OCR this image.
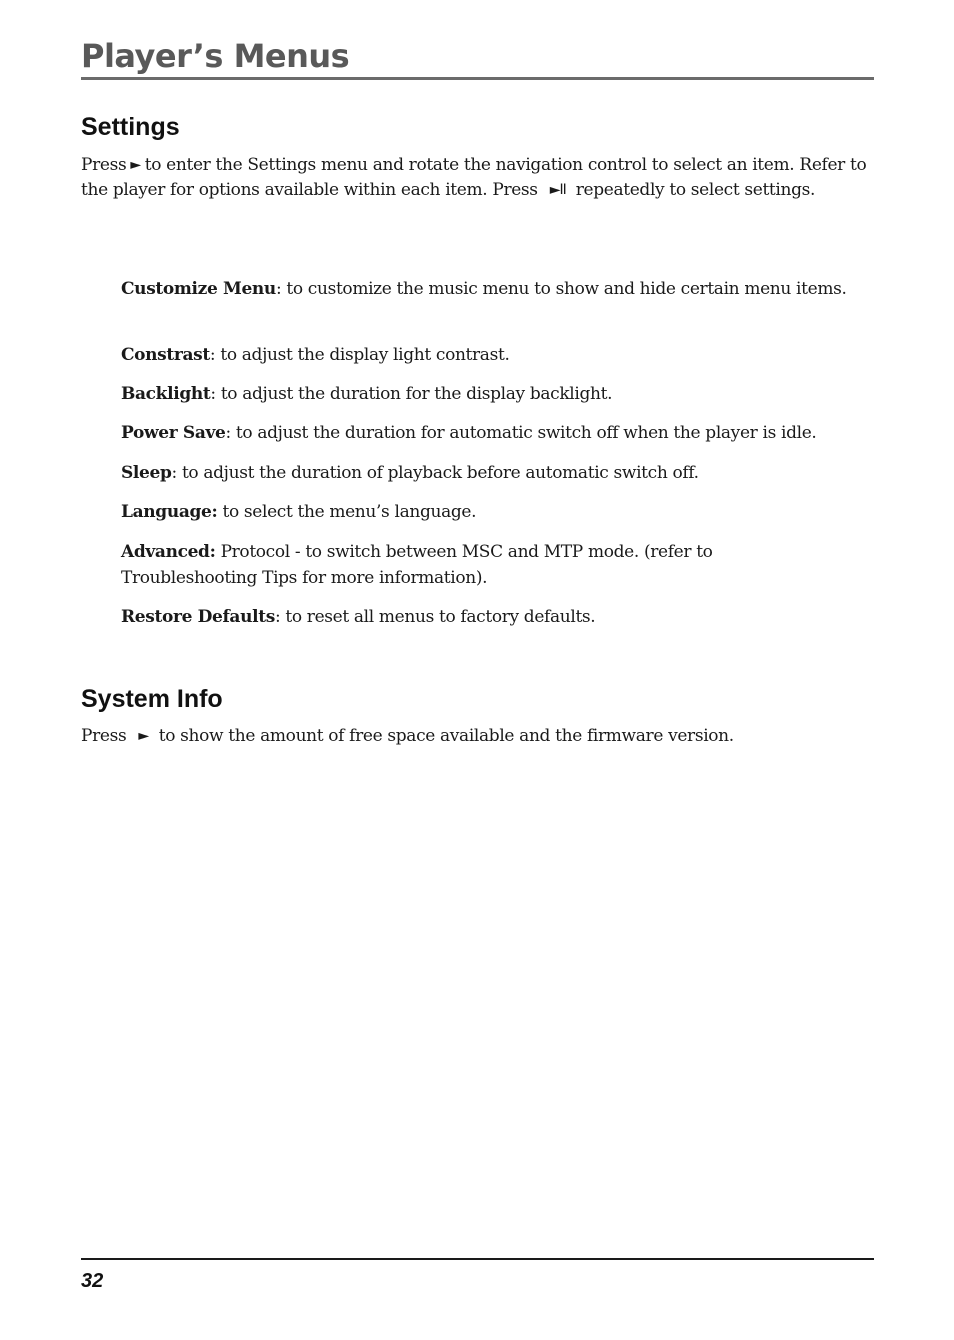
Player’s Menus
Settings

Press ► to enter the Settings menu and rotate the navigation control to select an item. Refer to the player for options available within each item. Press ►II repeatedly to select settings.

Customize Menu: to customize the music menu to show and hide certain menu items.

Constrast: to adjust the display light contrast.

Backlight: to adjust the duration for the display backlight.

Power Save: to adjust the duration for automatic switch off when the player is idle.

Sleep: to adjust the duration of playback before automatic switch off.

Language: to select the menu’s language.

Advanced: Protocol - to switch between MSC and MTP mode. (refer to Troubleshooting Tips for more information).

Restore Defaults: to reset all menus to factory defaults.

System Info

Press ► to show the amount of free space available and the firmware version.

32
